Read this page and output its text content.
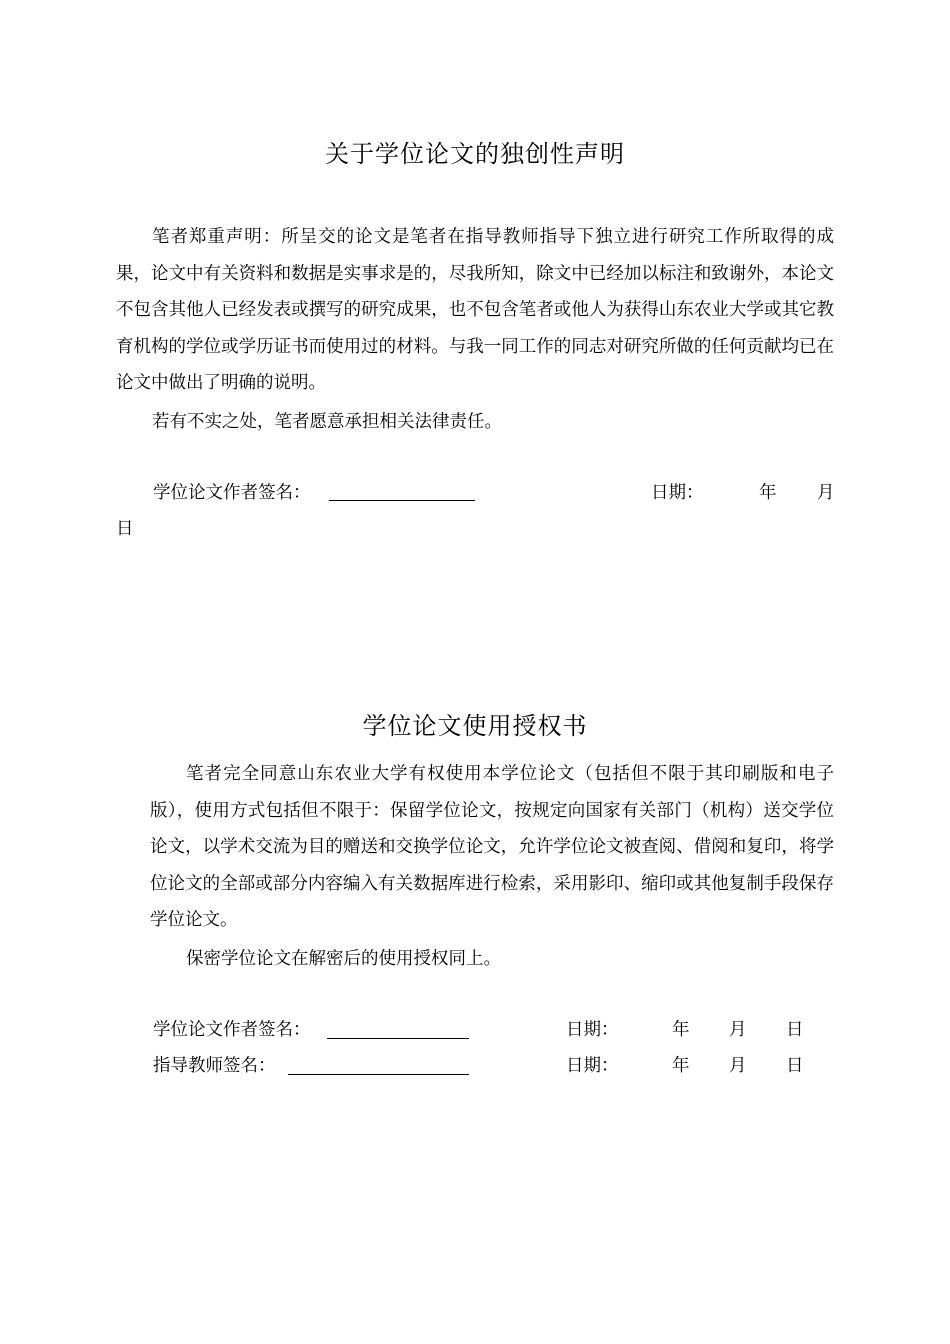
关于学位论文的独创性声明

笔者郑重声明：所呈交的论文是笔者在指导教师指导下独立进行研究工作所取得的成果，论文中有关资料和数据是实事求是的，尽我所知，除文中已经加以标注和致谢外，本论文不包含其他人已经发表或撰写的研究成果，也不包含笔者或他人为获得山东农业大学或其它教育机构的学位或学历证书而使用过的材料。与我一同工作的同志对研究所做的任何贡献均已在论文中做出了明确的说明。

若有不实之处，笔者愿意承担相关法律责任。

学位论文作者签名：	日期：	年 月
日
学位论文使用授权书

笔者完全同意山东农业大学有权使用本学位论文（包括但不限于其印刷版和电子版），使用方式包括但不限于：保留学位论文，按规定向国家有关部门（机构）送交学位论文，以学术交流为目的赠送和交换学位论文，允许学位论文被查阅、借阅和复印，将学位论文的全部或部分内容编入有关数据库进行检索，采用影印、缩印或其他复制手段保存学位论文。

保密学位论文在解密后的使用授权同上。

学位论文作者签名：	日期：	年 月 日
指导教师签名：	日期：	年 月 日
